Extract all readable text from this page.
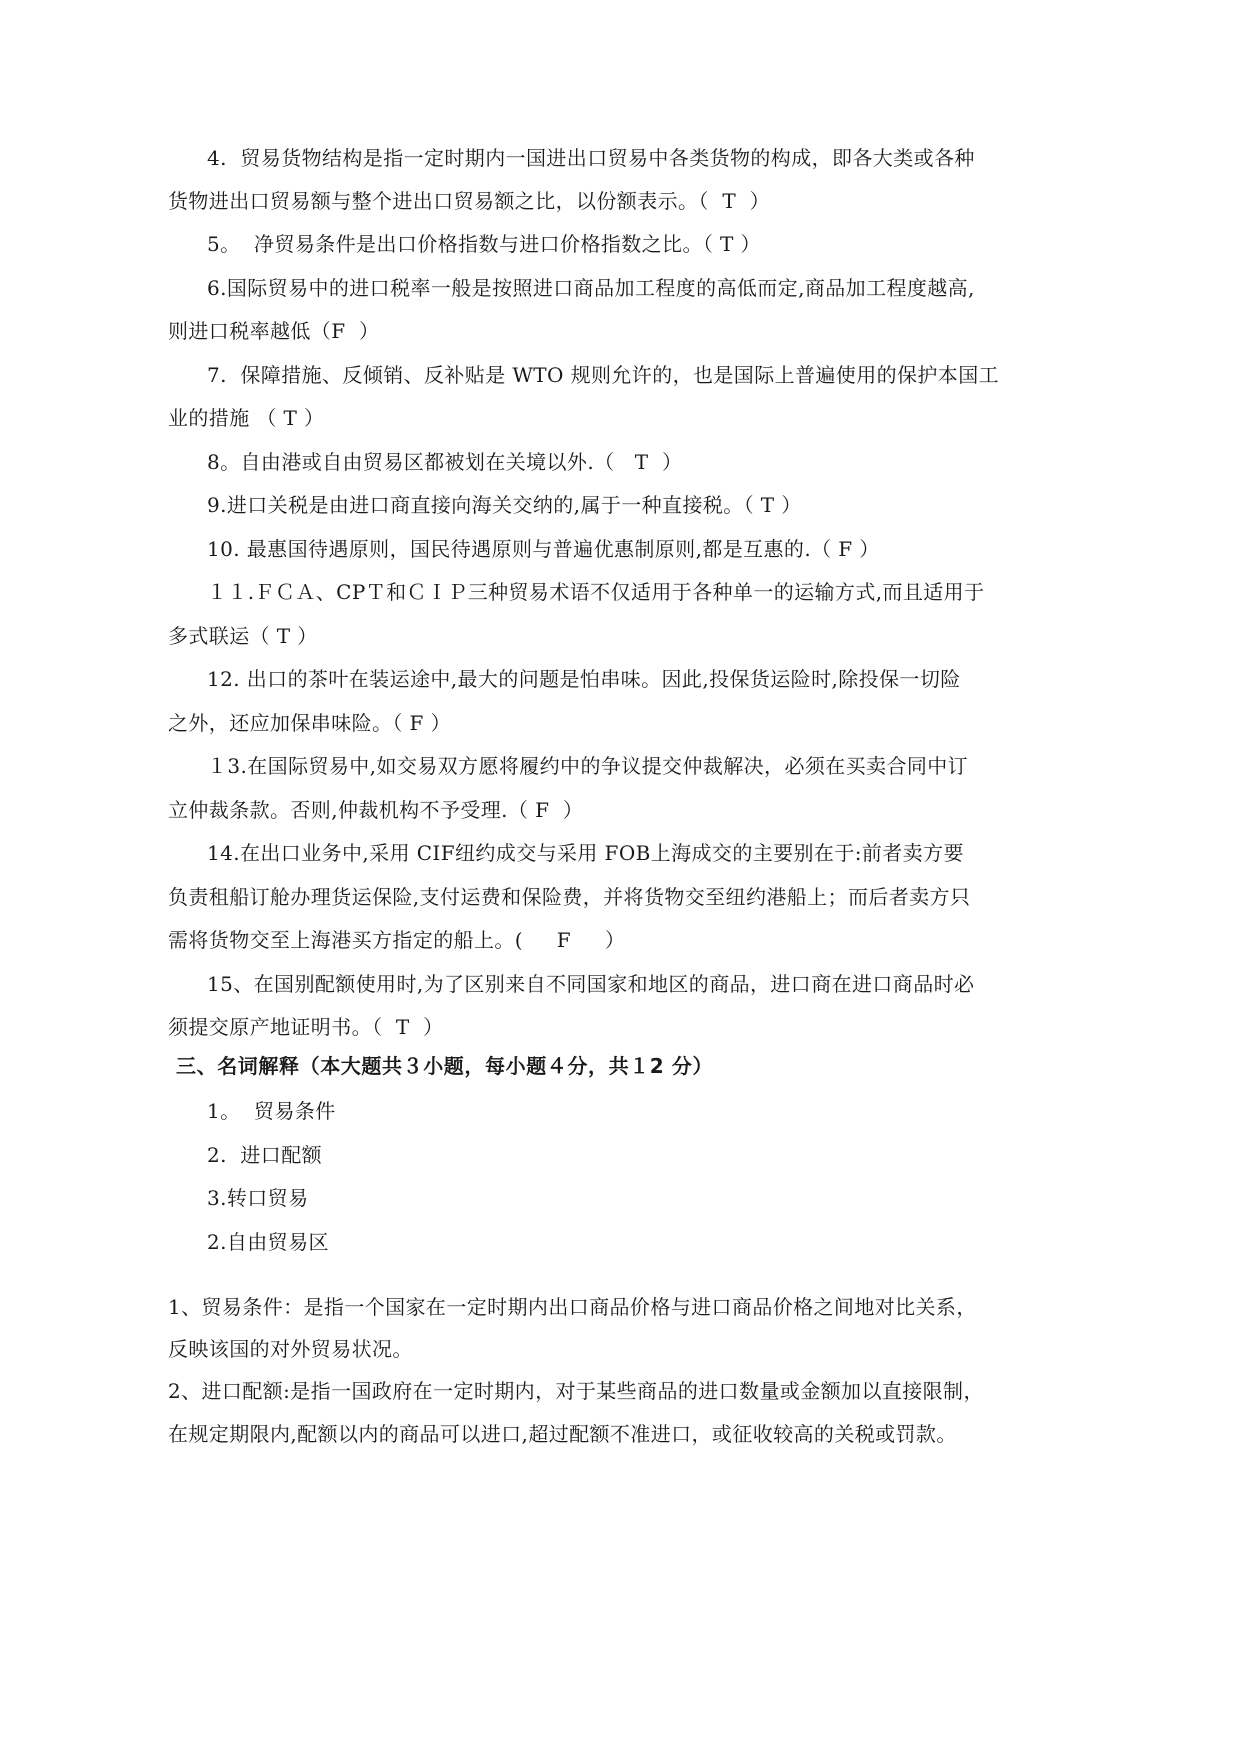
4.  贸易货物结构是指一定时期内一国进出口贸易中各类货物的构成，即各大类或各种
货物进出口贸易额与整个进出口贸易额之比，以份额表示。（  T  ）
5。  净贸易条件是出口价格指数与进口价格指数之比。（ T ）
6.国际贸易中的进口税率一般是按照进口商品加工程度的高低而定,商品加工程度越高,
则进口税率越低（F  ）
7.  保障措施、反倾销、反补贴是 WTO 规则允许的，也是国际上普遍使用的保护本国工
业的措施 （ T ）
8。自由港或自由贸易区都被划在关境以外.（   T  ）
9.进口关税是由进口商直接向海关交纳的,属于一种直接税。（ T ）
10. 最惠国待遇原则，国民待遇原则与普遍优惠制原则,都是互惠的.（ F ）
１１.ＦＣＡ、CPＴ和ＣＩＰ三种贸易术语不仅适用于各种单一的运输方式,而且适用于
多式联运（ T ）
12. 出口的茶叶在装运途中,最大的问题是怕串味。因此,投保货运险时,除投保一切险
之外，还应加保串味险。（ F ）
１3.在国际贸易中,如交易双方愿将履约中的争议提交仲裁解决，必须在买卖合同中订
立仲裁条款。否则,仲裁机构不予受理.（ F  ）
14.在出口业务中,采用 CIF纽约成交与采用 FOB上海成交的主要别在于:前者卖方要
负责租船订舱办理货运保险,支付运费和保险费，并将货物交至纽约港船上；而后者卖方只
需将货物交至上海港买方指定的船上。(     F     ）
15、在国别配额使用时,为了区别来自不同国家和地区的商品，进口商在进口商品时必
须提交原产地证明书。（  T  ）
三、名词解释（本大题共３小题，每小题４分，共１2 分）
1。  贸易条件
2.  进口配额
3.转口贸易
2.自由贸易区
1、贸易条件：是指一个国家在一定时期内出口商品价格与进口商品价格之间地对比关系，
反映该国的对外贸易状况。
2、进口配额:是指一国政府在一定时期内，对于某些商品的进口数量或金额加以直接限制，
在规定期限内,配额以内的商品可以进口,超过配额不准进口，或征收较高的关税或罚款。
